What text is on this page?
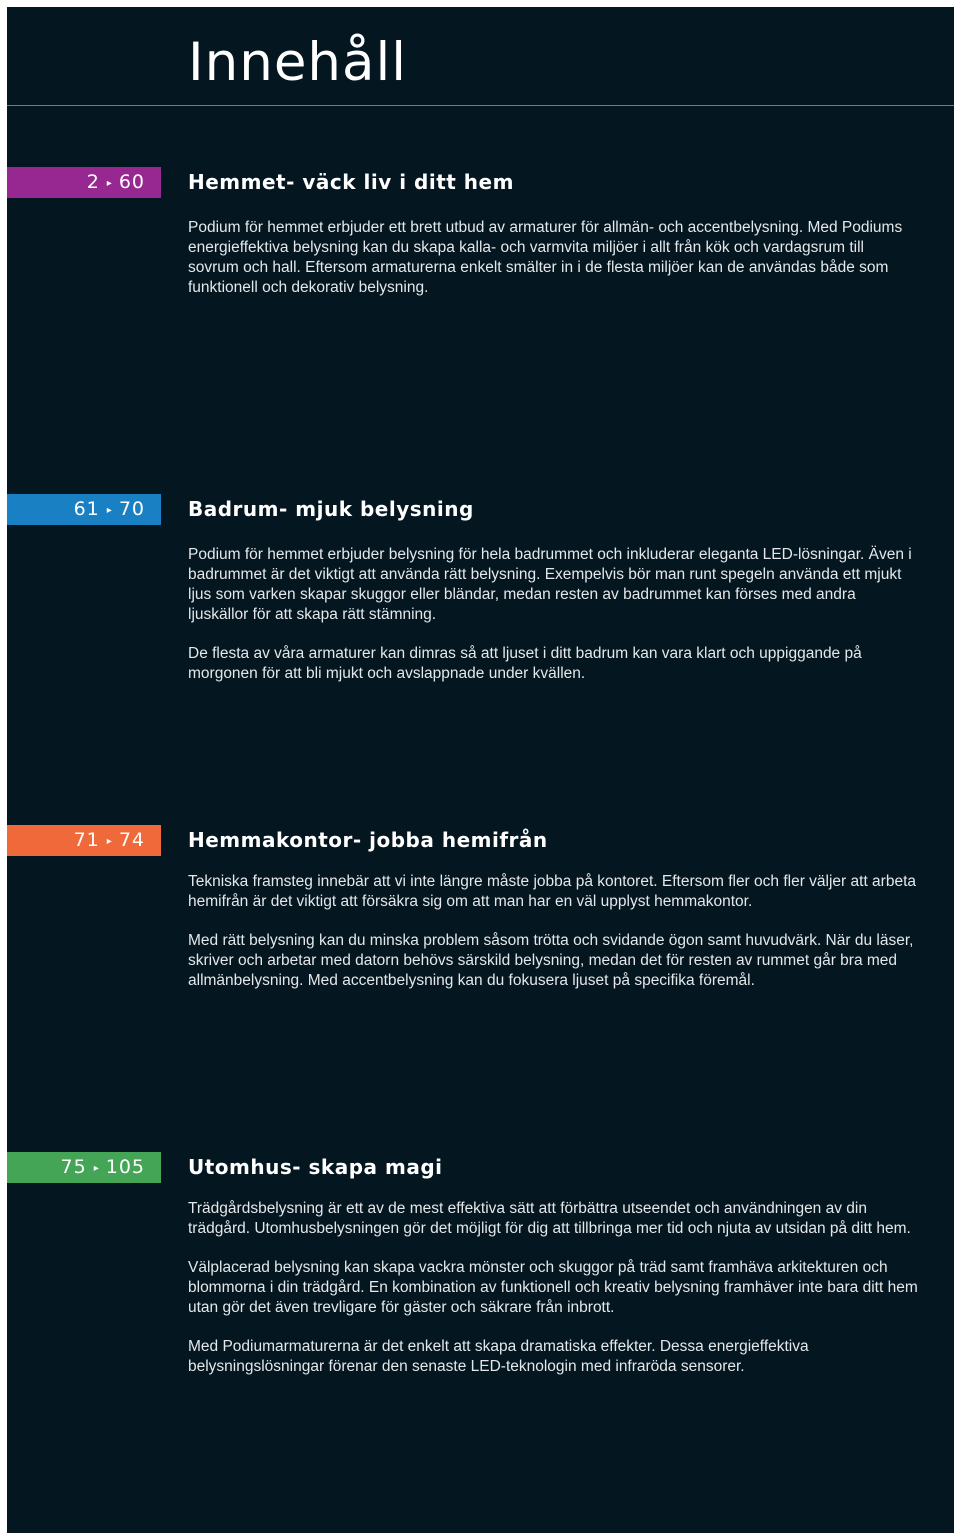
Innehåll
2 ▸ 60	Hemmet- väck liv i ditt hem

Podium för hemmet erbjuder ett brett utbud av armaturer för allmän- och accentbelysning. Med Podiums energieffektiva belysning kan du skapa kalla- och varmvita miljöer i allt från kök och vardagsrum till sovrum och hall. Eftersom armaturerna enkelt smälter in i de flesta miljöer kan de användas både som funktionell och dekorativ belysning.

61 ▸ 70	Badrum- mjuk belysning

Podium för hemmet erbjuder belysning för hela badrummet och inkluderar eleganta LED-lösningar. Även i badrummet är det viktigt att använda rätt belysning. Exempelvis bör man runt spegeln använda ett mjukt ljus som varken skapar skuggor eller bländar, medan resten av badrummet kan förses med andra ljuskällor för att skapa rätt stämning.

De flesta av våra armaturer kan dimras så att ljuset i ditt badrum kan vara klart och uppiggande på morgonen för att bli mjukt och avslappnade under kvällen.

71 ▸ 74	Hemmakontor- jobba hemifrån

Tekniska framsteg innebär att vi inte längre måste jobba på kontoret. Eftersom fler och fler väljer att arbeta hemifrån är det viktigt att försäkra sig om att man har en väl upplyst hemmakontor.

Med rätt belysning kan du minska problem såsom trötta och svidande ögon samt huvudvärk. När du läser, skriver och arbetar med datorn behövs särskild belysning, medan det för resten av rummet går bra med allmänbelysning. Med accentbelysning kan du fokusera ljuset på specifika föremål.

75 ▸ 105	Utomhus- skapa magi

Trädgårdsbelysning är ett av de mest effektiva sätt att förbättra utseendet och användningen av din trädgård. Utomhusbelysningen gör det möjligt för dig att tillbringa mer tid och njuta av utsidan på ditt hem.

Välplacerad belysning kan skapa vackra mönster och skuggor på träd samt framhäva arkitekturen och blommorna i din trädgård. En kombination av funktionell och kreativ belysning framhäver inte bara ditt hem utan gör det även trevligare för gäster och säkrare från inbrott.

Med Podiumarmaturerna är det enkelt att skapa dramatiska effekter. Dessa energieffektiva belysningslösningar förenar den senaste LED-teknologin med infraröda sensorer.
